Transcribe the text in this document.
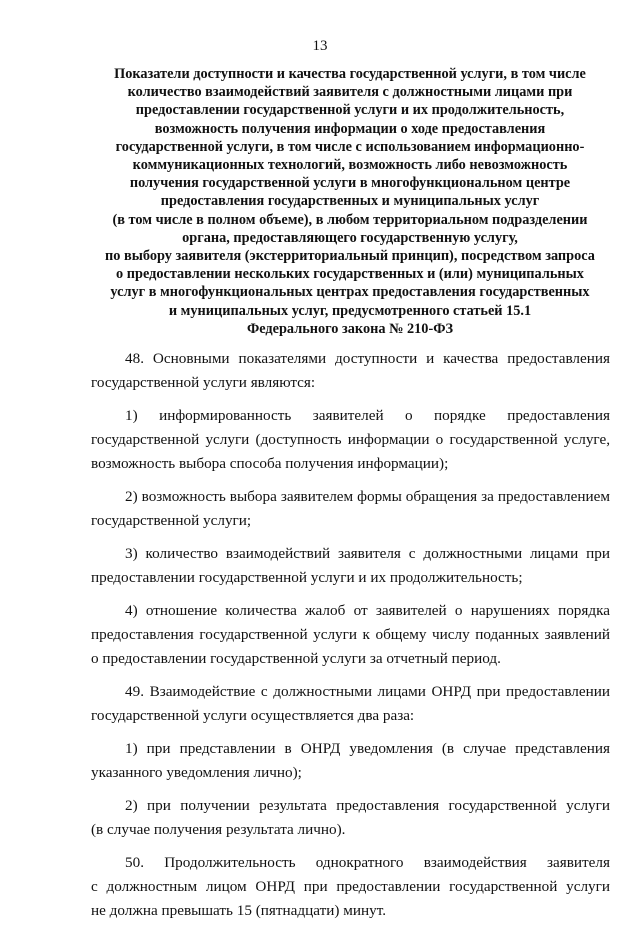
13
Показатели доступности и качества государственной услуги, в том числе
количество взаимодействий заявителя с должностными лицами при
предоставлении государственной услуги и их продолжительность,
возможность получения информации о ходе предоставления
государственной услуги, в том числе с использованием информационно-
коммуникационных технологий, возможность либо невозможность
получения государственной услуги в многофункциональном центре
предоставления государственных и муниципальных услуг
(в том числе в полном объеме), в любом территориальном подразделении
органа, предоставляющего государственную услугу,
по выбору заявителя (экстерриториальный принцип), посредством запроса
о предоставлении нескольких государственных и (или) муниципальных
услуг в многофункциональных центрах предоставления государственных
и муниципальных услуг, предусмотренного статьей 15.1
Федерального закона № 210-ФЗ
48. Основными показателями доступности и качества предоставления
государственной услуги являются:
1) информированность заявителей о порядке предоставления
государственной услуги (доступность информации о государственной услуге,
возможность выбора способа получения информации);
2) возможность выбора заявителем формы обращения за предоставлением
государственной услуги;
3) количество взаимодействий заявителя с должностными лицами при
предоставлении государственной услуги и их продолжительность;
4) отношение количества жалоб от заявителей о нарушениях порядка
предоставления государственной услуги к общему числу поданных заявлений
о предоставлении государственной услуги за отчетный период.
49. Взаимодействие с должностными лицами ОНРД при предоставлении
государственной услуги осуществляется два раза:
1) при представлении в ОНРД уведомления (в случае представления
указанного уведомления лично);
2) при получении результата предоставления государственной услуги
(в случае получения результата лично).
50. Продолжительность однократного взаимодействия заявителя
с должностным лицом ОНРД при предоставлении государственной услуги
не должна превышать 15 (пятнадцати) минут.
